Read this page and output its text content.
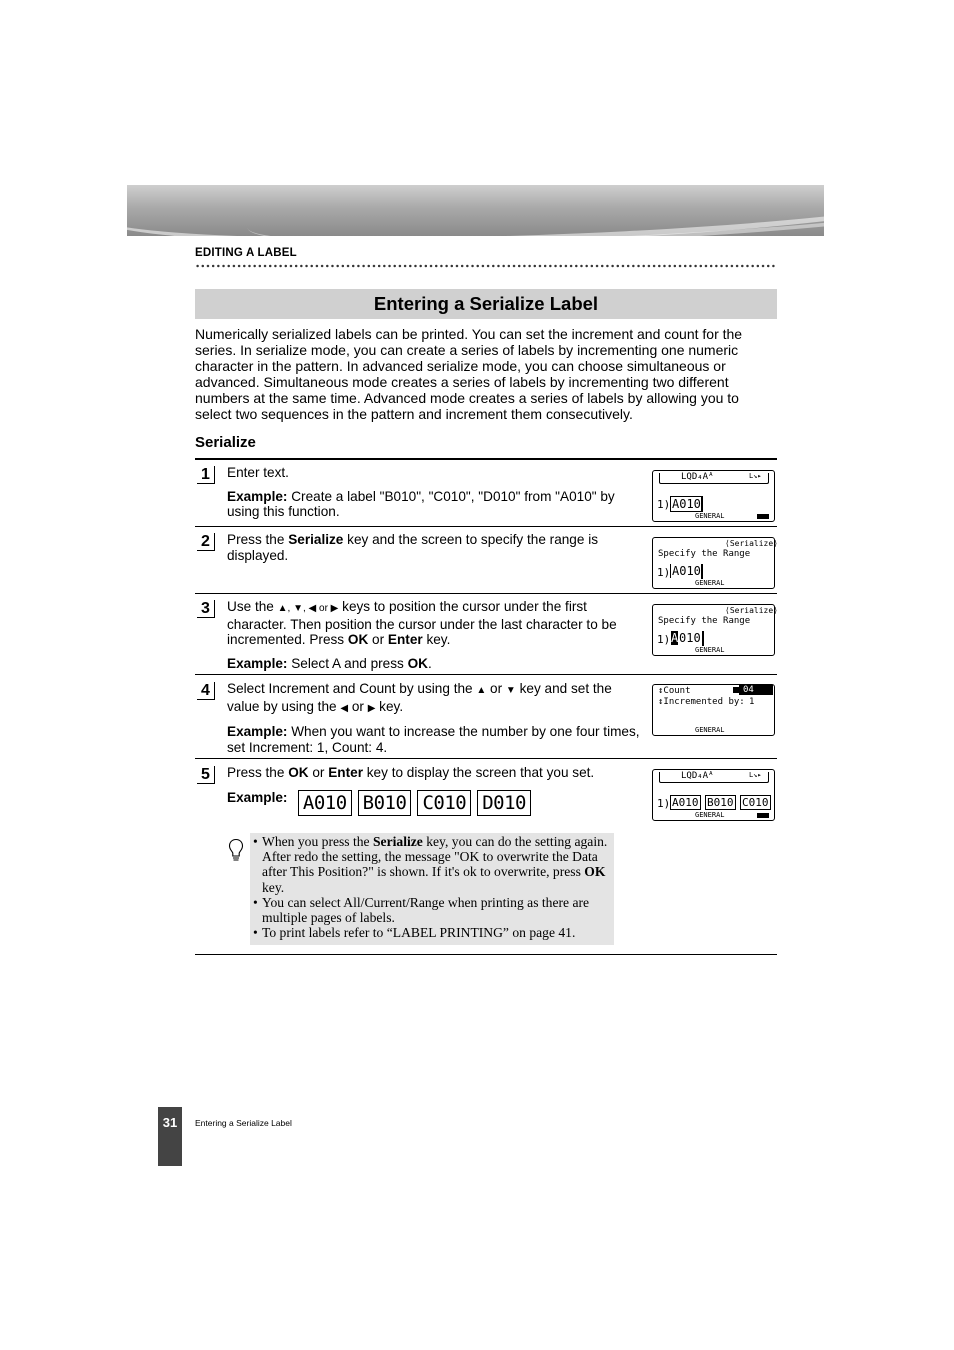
EDITING A LABEL
Entering a Serialize Label

Numerically serialized labels can be printed. You can set the increment and count for the series. In serialize mode, you can create a series of labels by incrementing one numeric character in the pattern. In advanced serialize mode, you can choose simultaneous or advanced. Simultaneous mode creates a series of labels by incrementing two different numbers at the same time. Advanced mode creates a series of labels by allowing you to select two sequences in the pattern and increment them consecutively.

Serialize
1	Enter text.

Example: Create a label "B010", "C010", "D010" from "A010" by using this function.

LQD₄Aᴬ	L↘▸
1) A010
GENERAL
2	Press the Serialize key and the screen to specify the range is displayed.

⟨Serialize⟩
Specify the Range
1) A010
GENERAL
3	Use the ▲, ▼, ◀ or ▶ keys to position the cursor under the first character. Then position the cursor under the last character to be incremented. Press OK or Enter key.

Example: Select A and press OK.

⟨Serialize⟩
Specify the Range
1) A 010
GENERAL
4	Select Increment and Count by using the ▲ or ▼ key and set the value by using the ◀ or ▶ key.

Example: When you want to increase the number by one four times, set Increment: 1, Count: 4.

↕Count	04
↕Incremented by: 1
GENERAL
5	Press the OK or Enter key to display the screen that you set.

$^{Example:}$ A010 B010 C010 D010
LQD₄Aᴬ	L↘▸
1) A010 B010 C010
GENERAL
• When you press the Serialize key, you can do the setting again. After redo the setting, the message "OK to overwrite the Data after This Position?" is shown. If it's ok to overwrite, press OK key.
• You can select All/Current/Range when printing as there are multiple pages of labels.
• To print labels refer to “LABEL PRINTING” on page 41.
31	Entering a Serialize Label
